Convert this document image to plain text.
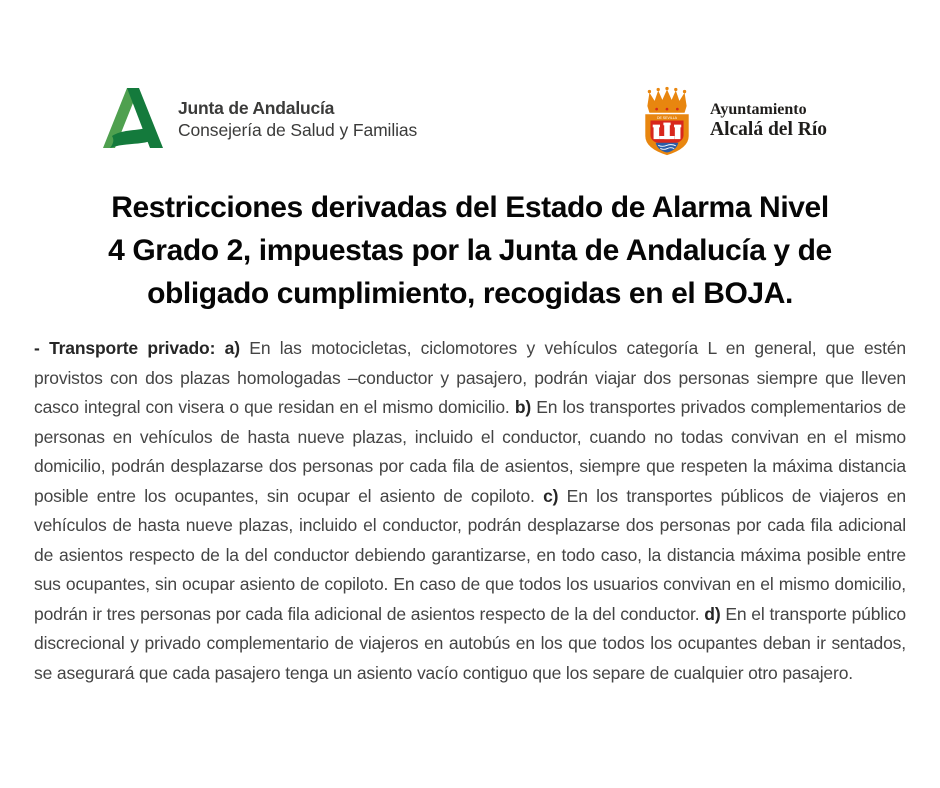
Junta de Andalucía
Consejería de Salud y Familias
DE SEVILLA Ayuntamiento
Alcalá del Río
Restricciones derivadas del Estado de Alarma Nivel
4 Grado 2, impuestas por la Junta de Andalucía y de
obligado cumplimiento, recogidas en el BOJA.

- Transporte privado: a) En las motocicletas, ciclomotores y vehículos categoría L en general, que estén provistos con dos plazas homologadas –conductor y pasajero, podrán viajar dos personas siempre que lleven casco integral con visera o que residan en el mismo domicilio. b) En los transportes privados complementarios de personas en vehículos de hasta nueve plazas, incluido el conductor, cuando no todas convivan en el mismo domicilio, podrán desplazarse dos personas por cada fila de asientos, siempre que respeten la máxima distancia posible entre los ocupantes, sin ocupar el asiento de copiloto. c) En los transportes públicos de viajeros en vehículos de hasta nueve plazas, incluido el conductor, podrán desplazarse dos personas por cada fila adicional de asientos respecto de la del conductor debiendo garantizarse, en todo caso, la distancia máxima posible entre sus ocupantes, sin ocupar asiento de copiloto. En caso de que todos los usuarios convivan en el mismo domicilio, podrán ir tres personas por cada fila adicional de asientos respecto de la del conductor. d) En el transporte público discrecional y privado complementario de viajeros en autobús en los que todos los ocupantes deban ir sentados, se asegurará que cada pasajero tenga un asiento vacío contiguo que los separe de cualquier otro pasajero.
